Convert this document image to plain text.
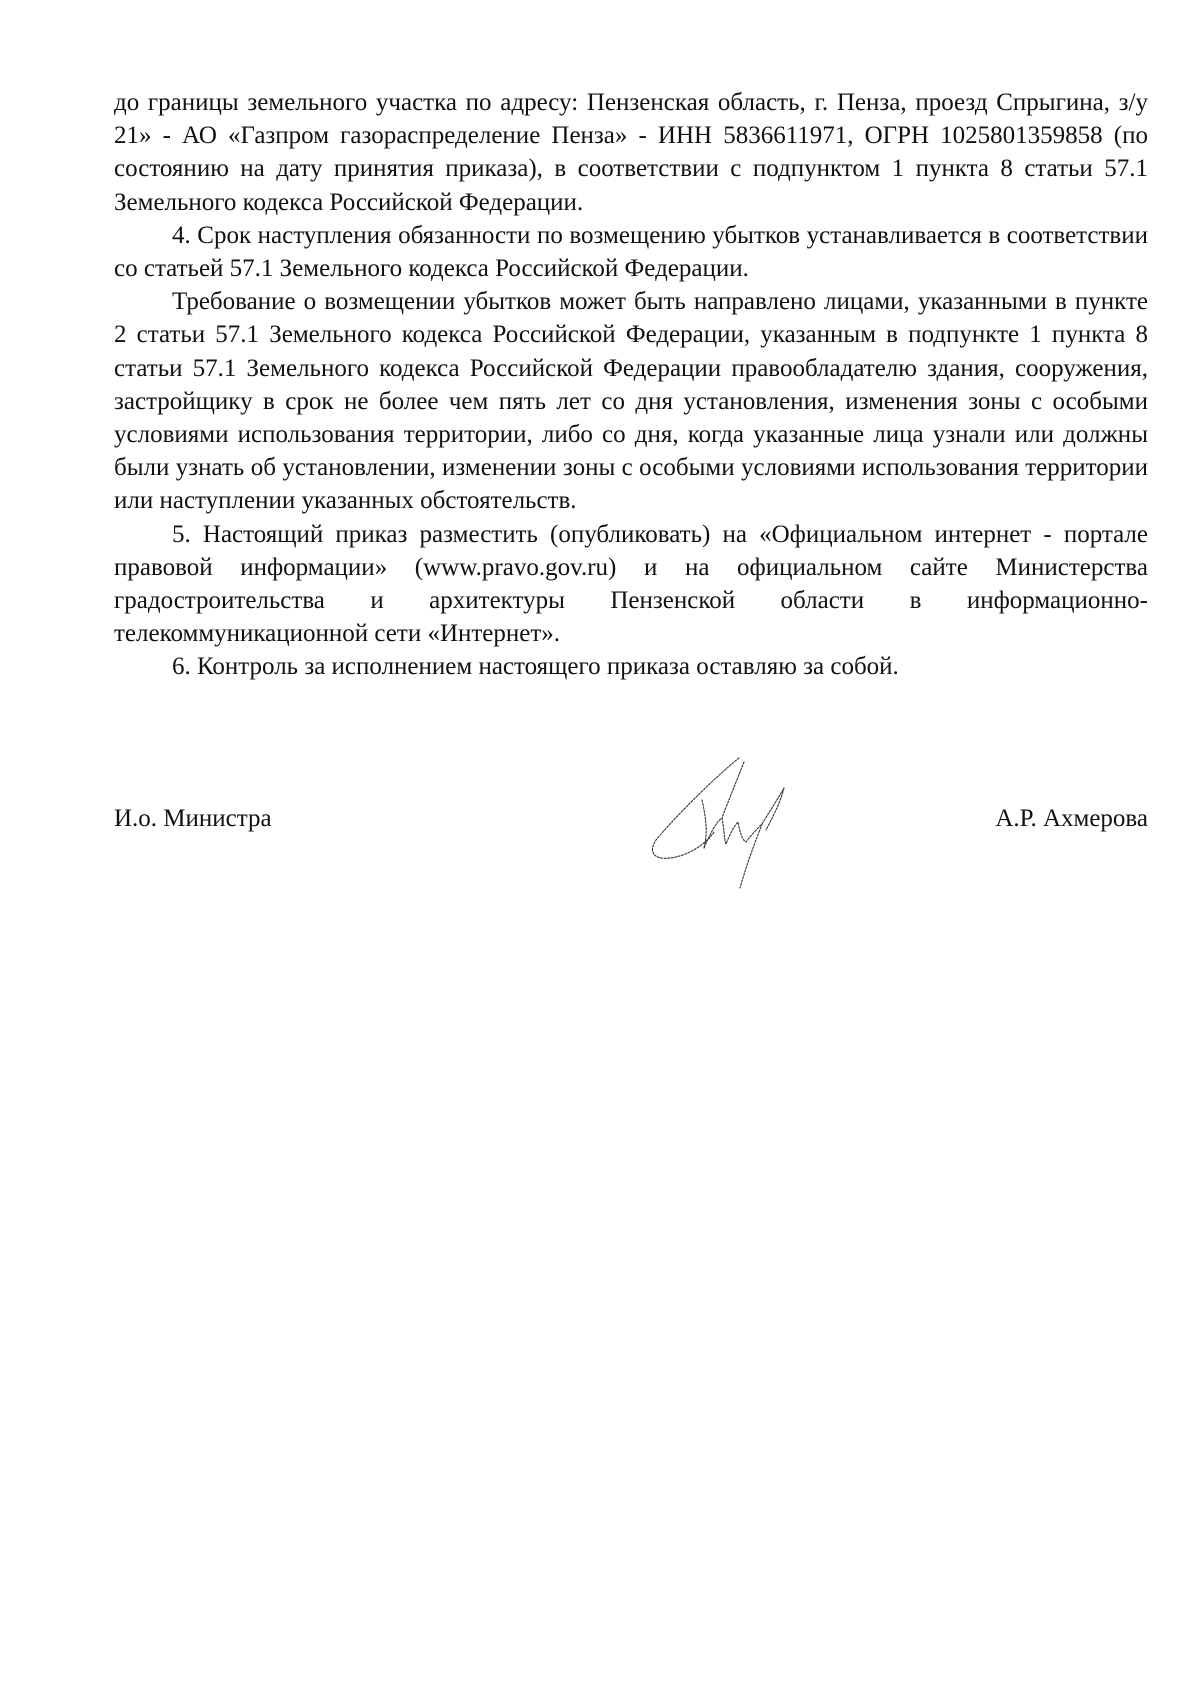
до границы земельного участка по адресу: Пензенская область, г. Пенза, проезд Спрыгина, з/у 21» - АО «Газпром газораспределение Пенза» - ИНН 5836611971, ОГРН 1025801359858 (по состоянию на дату принятия приказа), в соответствии с подпунктом 1 пункта 8 статьи 57.1 Земельного кодекса Российской Федерации.

4. Срок наступления обязанности по возмещению убытков устанавливается в соответствии со статьей 57.1 Земельного кодекса Российской Федерации.

Требование о возмещении убытков может быть направлено лицами, указанными в пункте 2 статьи 57.1 Земельного кодекса Российской Федерации, указанным в подпункте 1 пункта 8 статьи 57.1 Земельного кодекса Российской Федерации правообладателю здания, сооружения, застройщику в срок не более чем пять лет со дня установления, изменения зоны с особыми условиями использования территории, либо со дня, когда указанные лица узнали или должны были узнать об установлении, изменении зоны с особыми условиями использования территории или наступлении указанных обстоятельств.

5. Настоящий приказ разместить (опубликовать) на «Официальном интернет - портале правовой информации» (www.pravo.gov.ru) и на официальном сайте Министерства градостроительства и архитектуры Пензенской области в информационно-телекоммуникационной сети «Интернет».

6. Контроль за исполнением настоящего приказа оставляю за собой.

И.о. Министра	А.Р. Ахмерова
